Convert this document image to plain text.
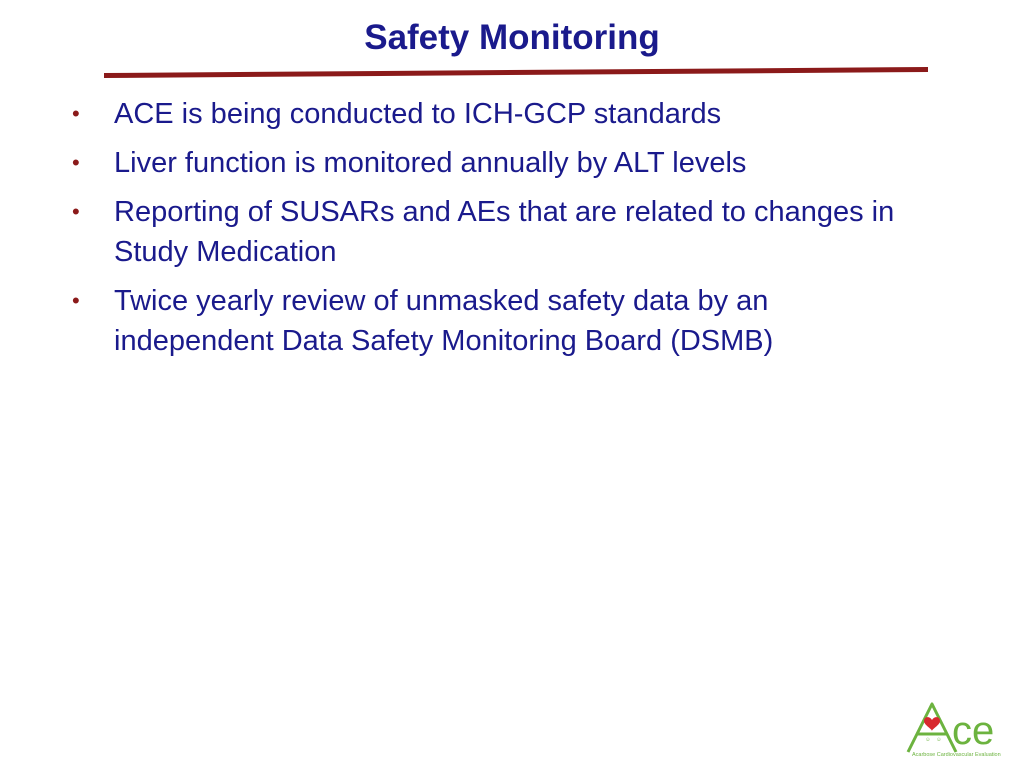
Safety Monitoring
•	ACE is being conducted to ICH-GCP standards
•	Liver function is monitored annually by ALT levels
•	Reporting of SUSARs and AEs that are related to changes in Study Medication
•	Twice yearly review of unmasked safety data by an independent Data Safety Monitoring Board (DSMB)
☺ ☺ ce
Acarbose Cardiovascular Evaluation
